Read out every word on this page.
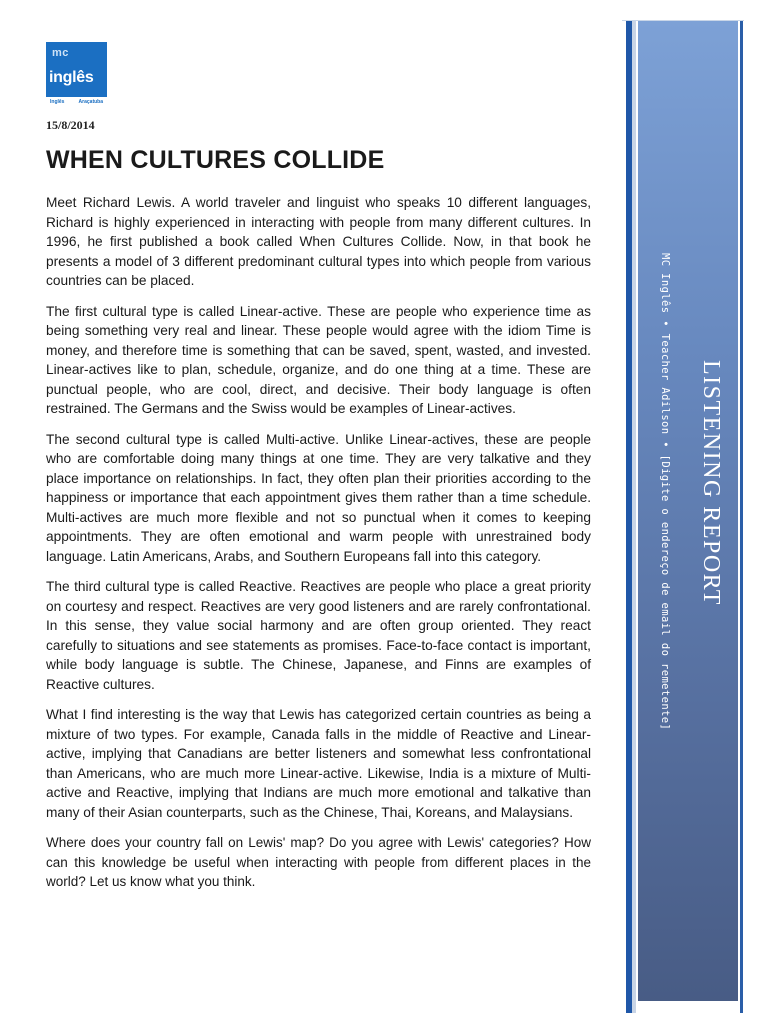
mc
inglês
Inglês	Araçatuba
15/8/2014
WHEN CULTURES COLLIDE

Meet Richard Lewis. A world traveler and linguist who speaks 10 different languages, Richard is highly experienced in interacting with people from many different cultures. In 1996, he first published a book called When Cultures Collide. Now, in that book he presents a model of 3 different predominant cultural types into which people from various countries can be placed.

The first cultural type is called Linear-active. These are people who experience time as being something very real and linear. These people would agree with the idiom Time is money, and therefore time is something that can be saved, spent, wasted, and invested. Linear-actives like to plan, schedule, organize, and do one thing at a time. These are punctual people, who are cool, direct, and decisive. Their body language is often restrained. The Germans and the Swiss would be examples of Linear-actives.

The second cultural type is called Multi-active. Unlike Linear-actives, these are people who are comfortable doing many things at one time. They are very talkative and they place importance on relationships. In fact, they often plan their priorities according to the happiness or importance that each appointment gives them rather than a time schedule. Multi-actives are much more flexible and not so punctual when it comes to keeping appointments. They are often emotional and warm people with unrestrained body language. Latin Americans, Arabs, and Southern Europeans fall into this category.

The third cultural type is called Reactive. Reactives are people who place a great priority on courtesy and respect. Reactives are very good listeners and are rarely confrontational. In this sense, they value social harmony and are often group oriented. They react carefully to situations and see statements as promises. Face-to-face contact is important, while body language is subtle. The Chinese, Japanese, and Finns are examples of Reactive cultures.

What I find interesting is the way that Lewis has categorized certain countries as being a mixture of two types. For example, Canada falls in the middle of Reactive and Linear-active, implying that Canadians are better listeners and somewhat less confrontational than Americans, who are much more Linear-active. Likewise, India is a mixture of Multi-active and Reactive, implying that Indians are much more emotional and talkative than many of their Asian counterparts, such as the Chinese, Thai, Koreans, and Malaysians.

Where does your country fall on Lewis' map? Do you agree with Lewis' categories? How can this knowledge be useful when interacting with people from different places in the world? Let us know what you think.

MC Inglês • Teacher Adilson • [Digite o endereço de email do remetente] LISTENING REPORT
